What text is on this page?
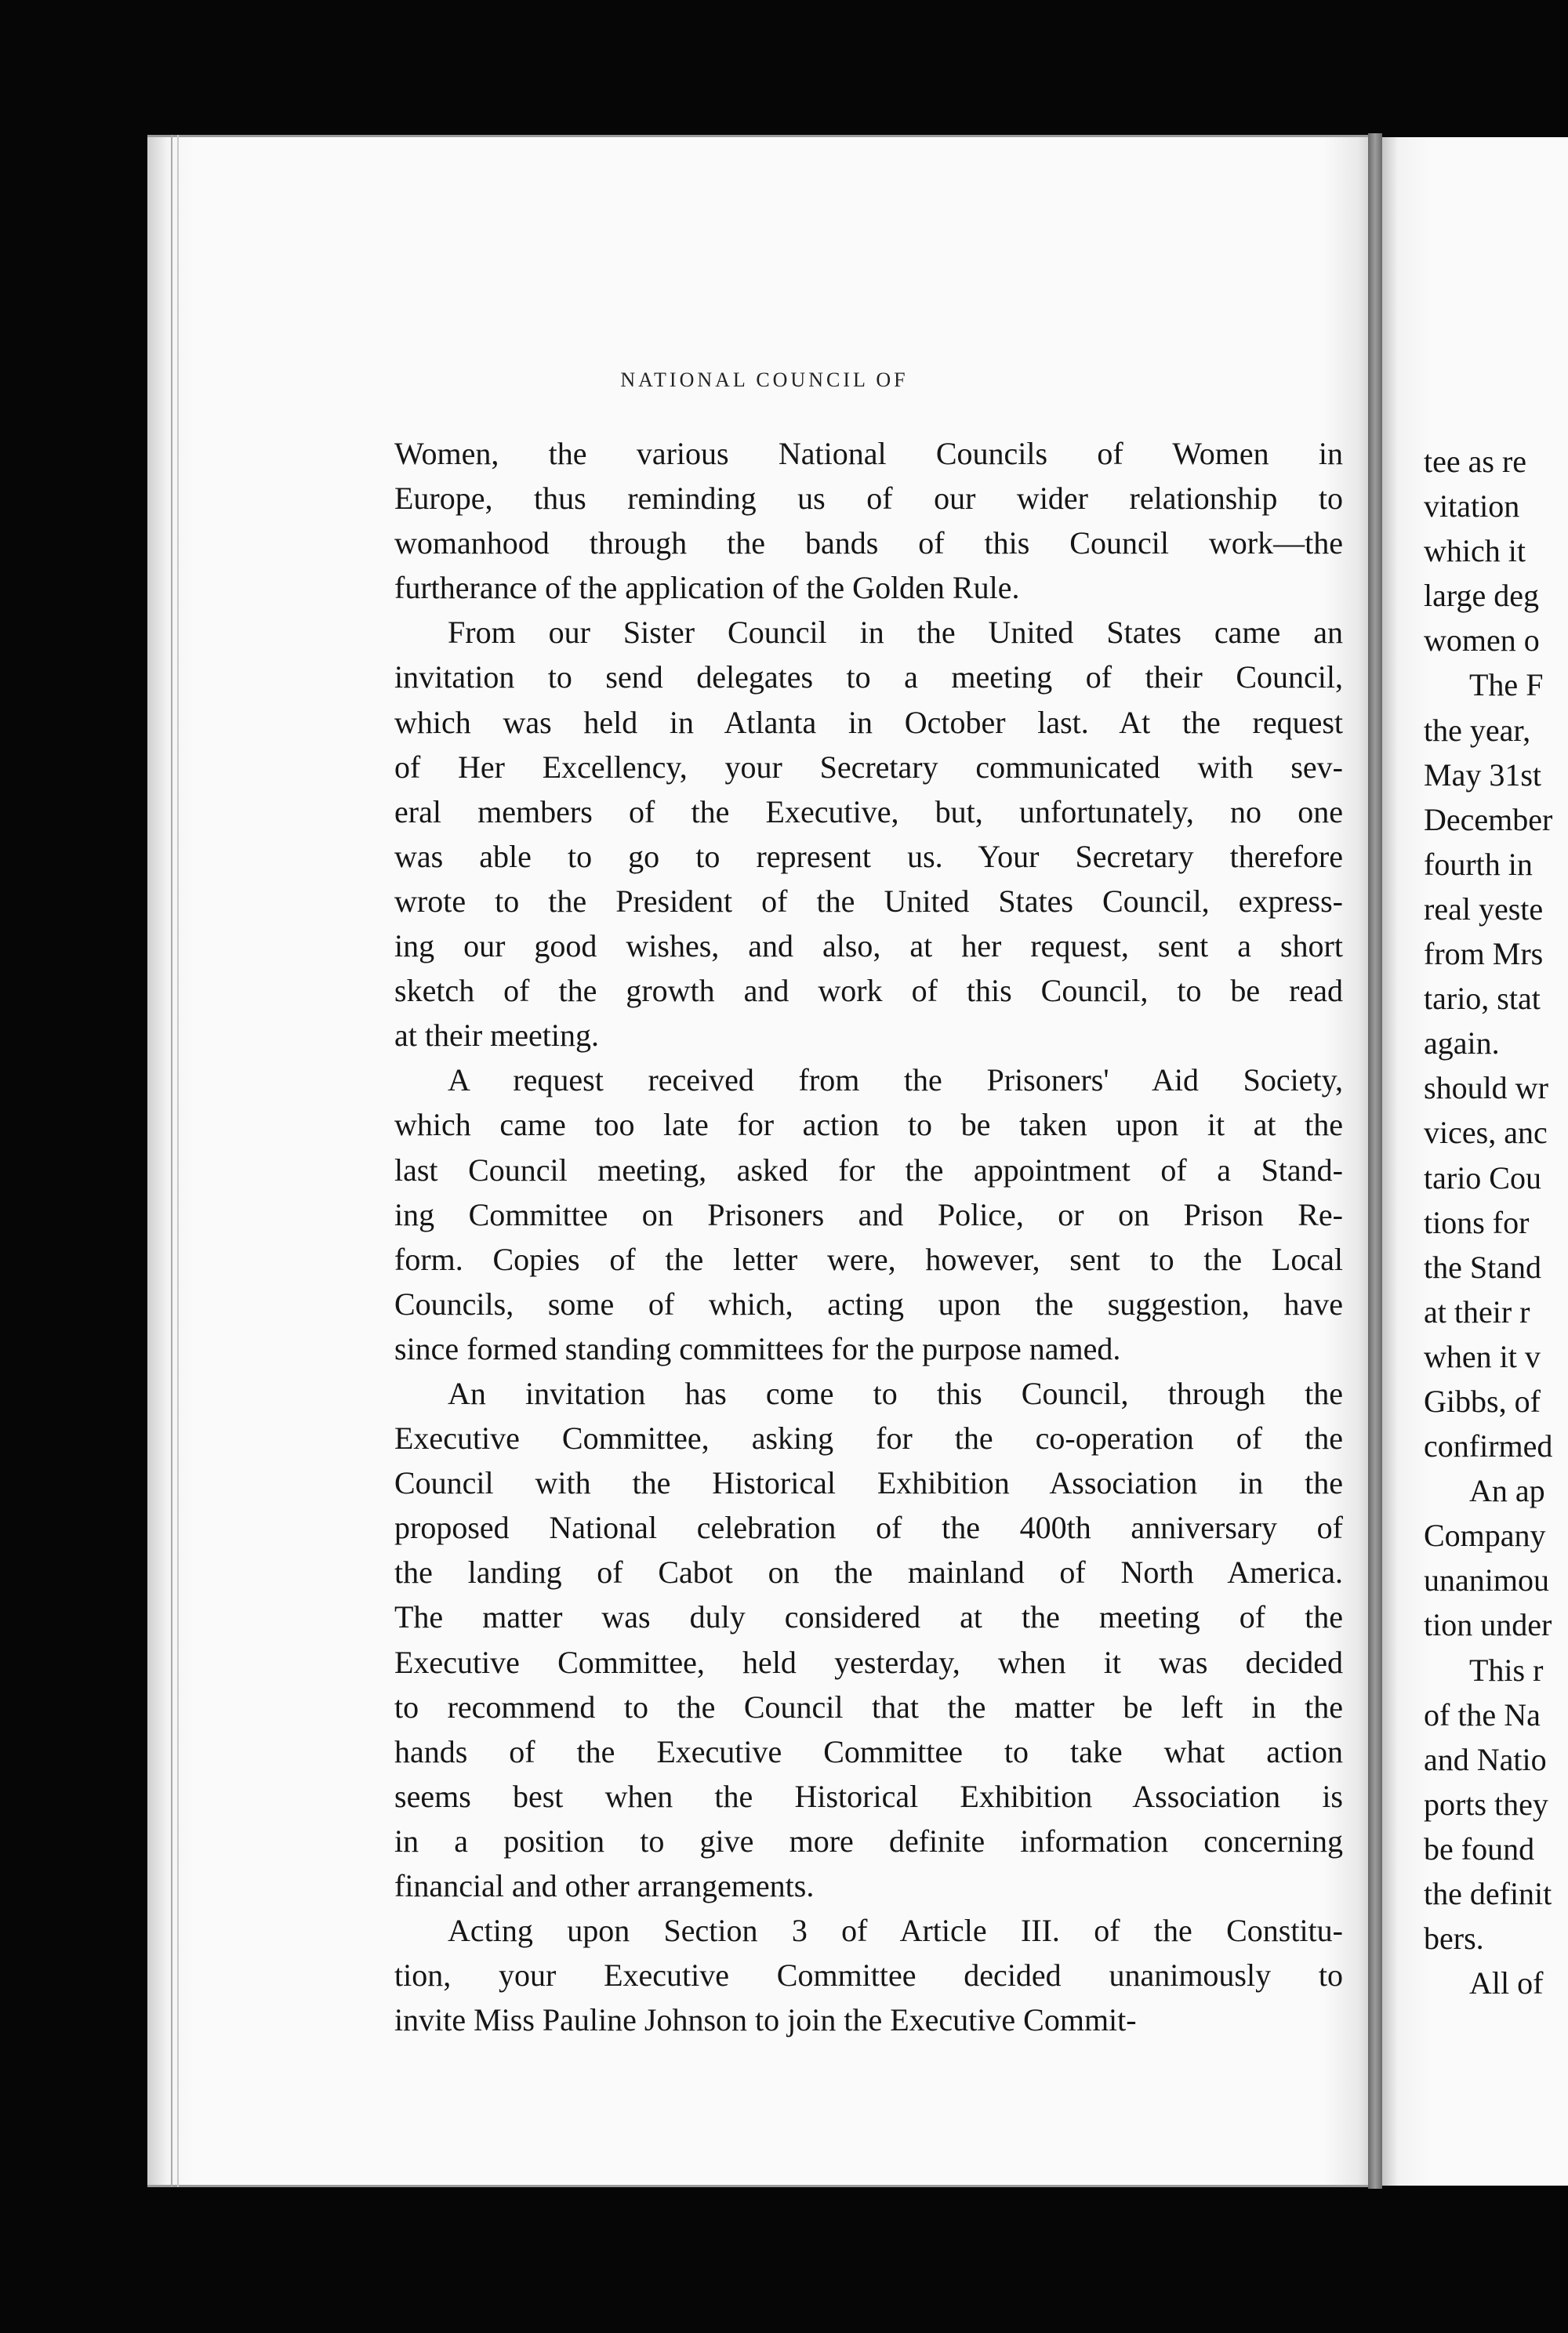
NATIONAL COUNCIL OF

Women, the various National Councils of Women in

Europe, thus reminding us of our wider relationship to

womanhood through the bands of this Council work—the

furtherance of the application of the Golden Rule.

From our Sister Council in the United States came an

invitation to send delegates to a meeting of their Council,

which was held in Atlanta in October last. At the request

of Her Excellency, your Secretary communicated with sev-

eral members of the Executive, but, unfortunately, no one

was able to go to represent us. Your Secretary therefore

wrote to the President of the United States Council, express-

ing our good wishes, and also, at her request, sent a short

sketch of the growth and work of this Council, to be read

at their meeting.

A request received from the Prisoners' Aid Society,

which came too late for action to be taken upon it at the

last Council meeting, asked for the appointment of a Stand-

ing Committee on Prisoners and Police, or on Prison Re-

form. Copies of the letter were, however, sent to the Local

Councils, some of which, acting upon the suggestion, have

since formed standing committees for the purpose named.

An invitation has come to this Council, through the

Executive Committee, asking for the co-operation of the

Council with the Historical Exhibition Association in the

proposed National celebration of the 400th anniversary of

the landing of Cabot on the mainland of North America.

The matter was duly considered at the meeting of the

Executive Committee, held yesterday, when it was decided

to recommend to the Council that the matter be left in the

hands of the Executive Committee to take what action

seems best when the Historical Exhibition Association is

in a position to give more definite information concerning

financial and other arrangements.

Acting upon Section 3 of Article III. of the Constitu-

tion, your Executive Committee decided unanimously to

invite Miss Pauline Johnson to join the Executive Commit-

tee as re
vitation
which it
large deg
women o
The F
the year,
May 31st
December
fourth in
real yeste
from Mrs
tario, stat
again.
should wr
vices, anc
tario Cou
tions for
the Stand
at their r
when it v
Gibbs, of
confirmed
An ap
Company
unanimou
tion under
This r
of the Na
and Natio
ports they
be found
the definit
bers.
All of
